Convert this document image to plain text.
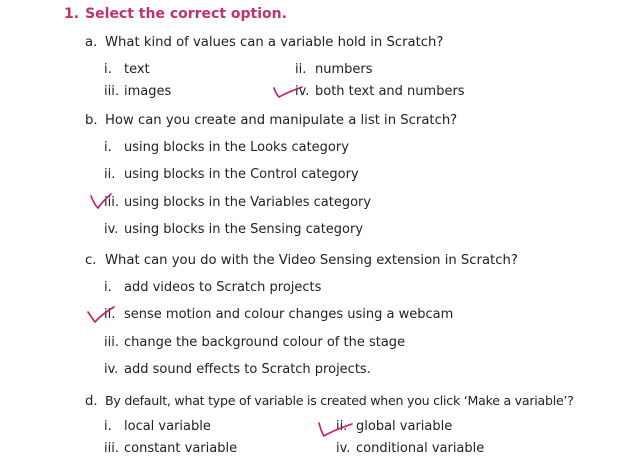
1. Select the correct option.
a. What kind of values can a variable hold in Scratch?
i. text	ii. numbers
iii. images	iv. both text and numbers
b. How can you create and manipulate a list in Scratch?
i. using blocks in the Looks category
ii. using blocks in the Control category
iii. using blocks in the Variables category
iv. using blocks in the Sensing category
c. What can you do with the Video Sensing extension in Scratch?
i. add videos to Scratch projects
ii. sense motion and colour changes using a webcam
iii. change the background colour of the stage
iv. add sound effects to Scratch projects.
d. By default, what type of variable is created when you click ‘Make a variable’?
i. local variable	ii. global variable
iii. constant variable	iv. conditional variable
